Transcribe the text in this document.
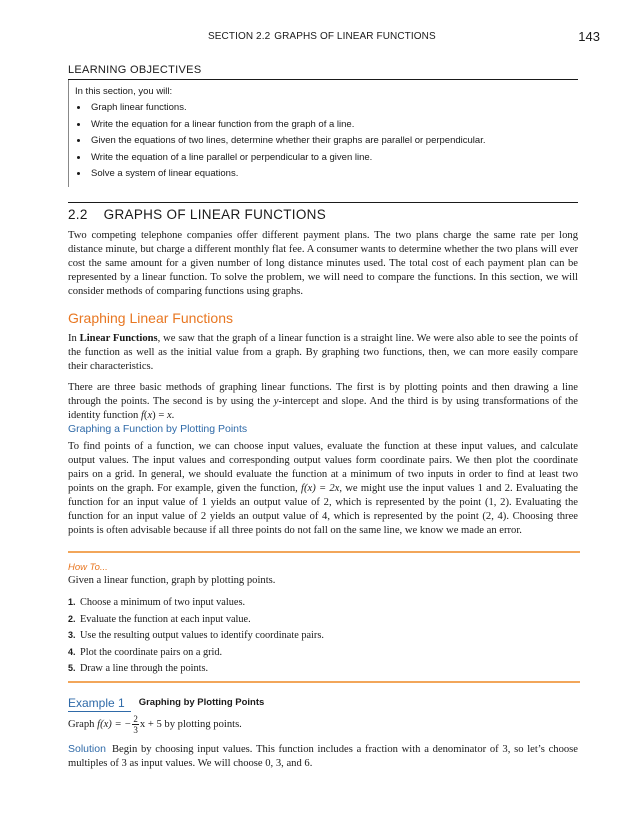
SECTION 2.2 GRAPHS OF LINEAR FUNCTIONS	143
LEARNING OBJECTIVES

In this section, you will:

• Graph linear functions.
• Write the equation for a linear function from the graph of a line.
• Given the equations of two lines, determine whether their graphs are parallel or perpendicular.
• Write the equation of a line parallel or perpendicular to a given line.
• Solve a system of linear equations.
2.2 GRAPHS OF LINEAR FUNCTIONS

Two competing telephone companies offer different payment plans. The two plans charge the same rate per long distance minute, but charge a different monthly flat fee. A consumer wants to determine whether the two plans will ever cost the same amount for a given number of long distance minutes used. The total cost of each payment plan can be represented by a linear function. To solve the problem, we will need to compare the functions. In this section, we will consider methods of comparing functions using graphs.

Graphing Linear Functions

In Linear Functions, we saw that the graph of a linear function is a straight line. We were also able to see the points of the function as well as the initial value from a graph. By graphing two functions, then, we can more easily compare their characteristics.

There are three basic methods of graphing linear functions. The first is by plotting points and then drawing a line through the points. The second is by using the y-intercept and slope. And the third is by using transformations of the identity function f(x) = x.

Graphing a Function by Plotting Points

To find points of a function, we can choose input values, evaluate the function at these input values, and calculate output values. The input values and corresponding output values form coordinate pairs. We then plot the coordinate pairs on a grid. In general, we should evaluate the function at a minimum of two inputs in order to find at least two points on the graph. For example, given the function, f(x) = 2x, we might use the input values 1 and 2. Evaluating the function for an input value of 1 yields an output value of 2, which is represented by the point (1, 2). Evaluating the function for an input value of 2 yields an output value of 4, which is represented by the point (2, 4). Choosing three points is often advisable because if all three points do not fall on the same line, we know we made an error.

How To...
Given a linear function, graph by plotting points.
1. Choose a minimum of two input values.
2. Evaluate the function at each input value.
3. Use the resulting output values to identify coordinate pairs.
4. Plot the coordinate pairs on a grid.
5. Draw a line through the points.
Example 1 Graphing by Plotting Points
Graph f(x) = − $\frac{2}{3}$ x + 5 by plotting points.

Solution Begin by choosing input values. This function includes a fraction with a denominator of 3, so let’s choose multiples of 3 as input values. We will choose 0, 3, and 6.
